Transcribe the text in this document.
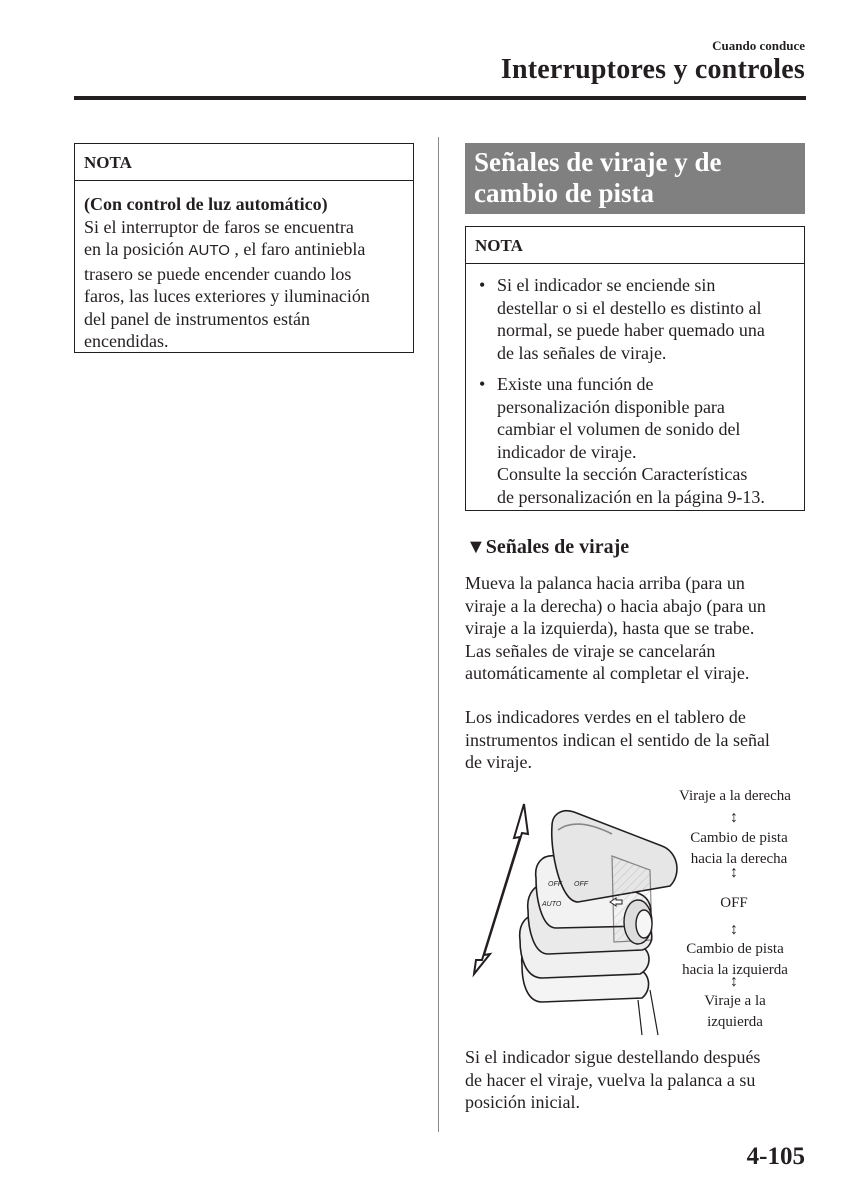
Cuando conduce
Interruptores y controles
NOTA
(Con control de luz automático)
Si el interruptor de faros se encuentra
en la posición AUTO , el faro antiniebla
trasero se puede encender cuando los
faros, las luces exteriores y iluminación
del panel de instrumentos están
encendidas.
Señales de viraje y de
cambio de pista
NOTA
• Si el indicador se enciende sin
destellar o si el destello es distinto al
normal, se puede haber quemado una
de las señales de viraje.
• Existe una función de
personalización disponible para
cambiar el volumen de sonido del
indicador de viraje.
Consulte la sección Características
de personalización en la página 9-13.
▼Señales de viraje
Mueva la palanca hacia arriba (para un
viraje a la derecha) o hacia abajo (para un
viraje a la izquierda), hasta que se trabe.
Las señales de viraje se cancelarán
automáticamente al completar el viraje.
Los indicadores verdes en el tablero de
instrumentos indican el sentido de la señal
de viraje.
OFF
AUTO
OFF
Viraje a la derecha
↕
Cambio de pista
hacia la derecha
↕
OFF
↕
Cambio de pista
hacia la izquierda
↕
Viraje a la
izquierda
Si el indicador sigue destellando después
de hacer el viraje, vuelva la palanca a su
posición inicial.
4-105
